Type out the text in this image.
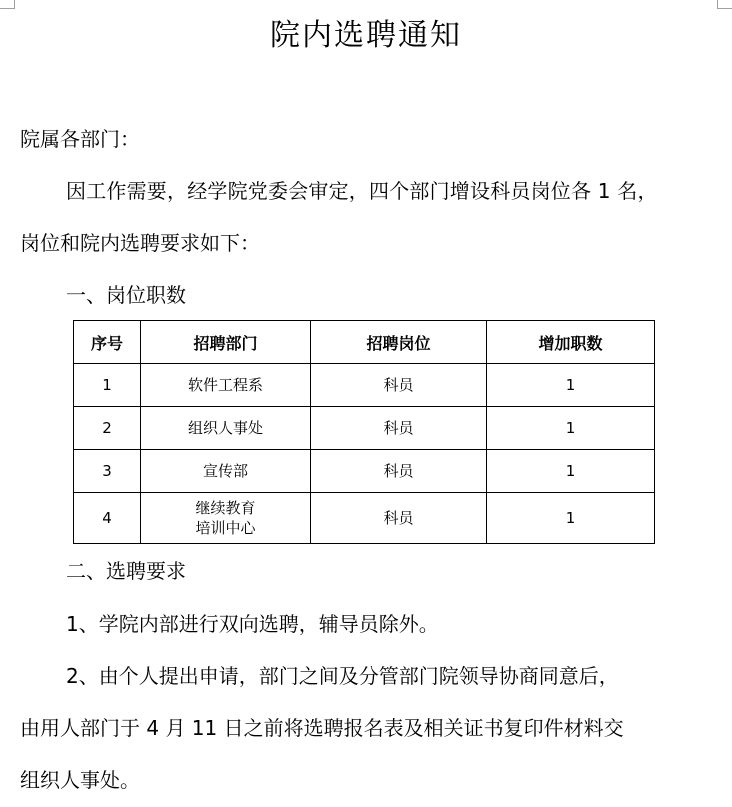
院内选聘通知
院属各部门：
因工作需要，经学院党委会审定，四个部门增设科员岗位各 1 名，
岗位和院内选聘要求如下：
一、岗位职数
序号	招聘部门	招聘岗位	增加职数
1	软件工程系	科员	1
2	组织人事处	科员	1
3	宣传部	科员	1
4	继续教育
培训中心	科员	1
二、选聘要求
1、学院内部进行双向选聘，辅导员除外。
2、由个人提出申请，部门之间及分管部门院领导协商同意后，
由用人部门于 4 月 11 日之前将选聘报名表及相关证书复印件材料交
组织人事处。
